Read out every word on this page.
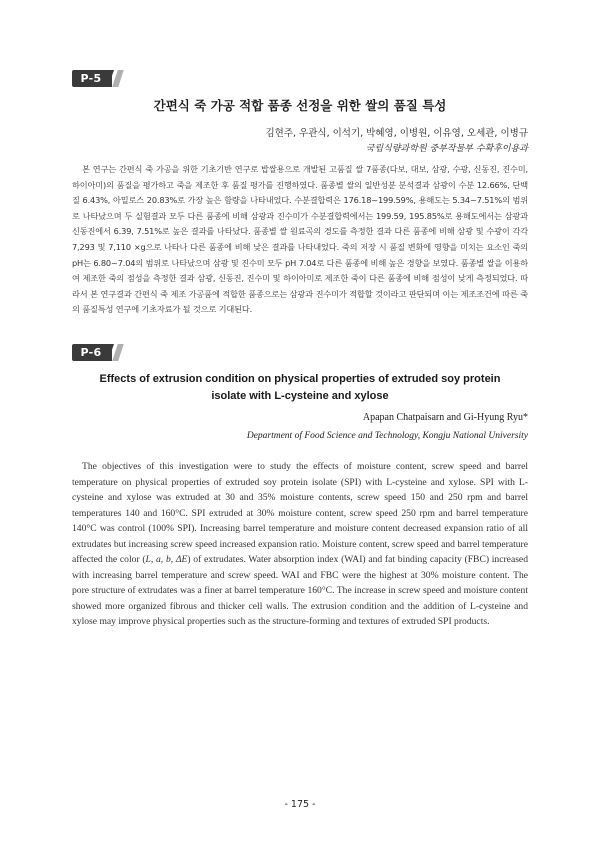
P-5
간편식 죽 가공 적합 품종 선정을 위한 쌀의 품질 특성
김현주, 우관식, 이석기, 박혜영, 이병원, 이유영, 오세관, 이병규
국립식량과학원 중부작물부 수확후이용과
본 연구는 간편식 죽 가공을 위한 기초기반 연구로 밥쌀용으로 개발된 고품질 쌀 7품종(다보, 대보, 삼광, 수광, 신동진, 진수미, 하이아미)의 품질을 평가하고 죽을 제조한 후 품질 평가를 진행하였다. 품종별 쌀의 일반성분 분석결과 삼광이 수분 12.66%, 단백질 6.43%, 아밀로스 20.83%로 가장 높은 함량을 나타내었다. 수분결합력은 176.18~199.59%, 용해도는 5.34~7.51%의 범위로 나타났으며 두 실험결과 모두 다른 품종에 비해 삼광과 진수미가 수분결합력에서는 199.59, 195.85%로 용해도에서는 삼광과 신동진에서 6.39, 7.51%로 높은 결과를 나타났다. 품종별 쌀 원료곡의 경도를 측정한 결과 다른 품종에 비해 삼광 및 수광이 각각 7,293 및 7,110 ×g으로 나타나 다른 품종에 비해 낮은 결과를 나타내었다. 죽의 저장 시 품질 변화에 영향을 미치는 요소인 죽의 pH는 6.80~7.04의 범위로 나타났으며 삼광 및 진수미 모두 pH 7.04로 다른 품종에 비해 높은 경향을 보였다. 품종별 쌀을 이용하여 제조한 죽의 점성을 측정한 결과 삼광, 신동진, 진수미 및 하이아미로 제조한 죽이 다른 품종에 비해 점성이 낮게 측정되었다. 따라서 본 연구결과 간편식 죽 제조 가공품에 적합한 품종으로는 삼광과 진수미가 적합할 것이라고 판단되며 이는 제조조건에 따른 죽의 품질특성 연구에 기초자료가 될 것으로 기대된다.
P-6
Effects of extrusion condition on physical properties of extruded soy protein
isolate with L-cysteine and xylose
Apapan Chatpaisarn and Gi-Hyung Ryu*
Department of Food Science and Technology, Kongju National University
The objectives of this investigation were to study the effects of moisture content, screw speed and barrel temperature on physical properties of extruded soy protein isolate (SPI) with L-cysteine and xylose. SPI with L-cysteine and xylose was extruded at 30 and 35% moisture contents, screw speed 150 and 250 rpm and barrel temperatures 140 and 160°C. SPI extruded at 30% moisture content, screw speed 250 rpm and barrel temperature 140°C was control (100% SPI). Increasing barrel temperature and moisture content decreased expansion ratio of all extrudates but increasing screw speed increased expansion ratio. Moisture content, screw speed and barrel temperature affected the color (L, a, b, ΔE) of extrudates. Water absorption index (WAI) and fat binding capacity (FBC) increased with increasing barrel temperature and screw speed. WAI and FBC were the highest at 30% moisture content. The pore structure of extrudates was a finer at barrel temperature 160°C. The increase in screw speed and moisture content showed more organized fibrous and thicker cell walls. The extrusion condition and the addition of L-cysteine and xylose may improve physical properties such as the structure-forming and textures of extruded SPI products.
- 175 -
